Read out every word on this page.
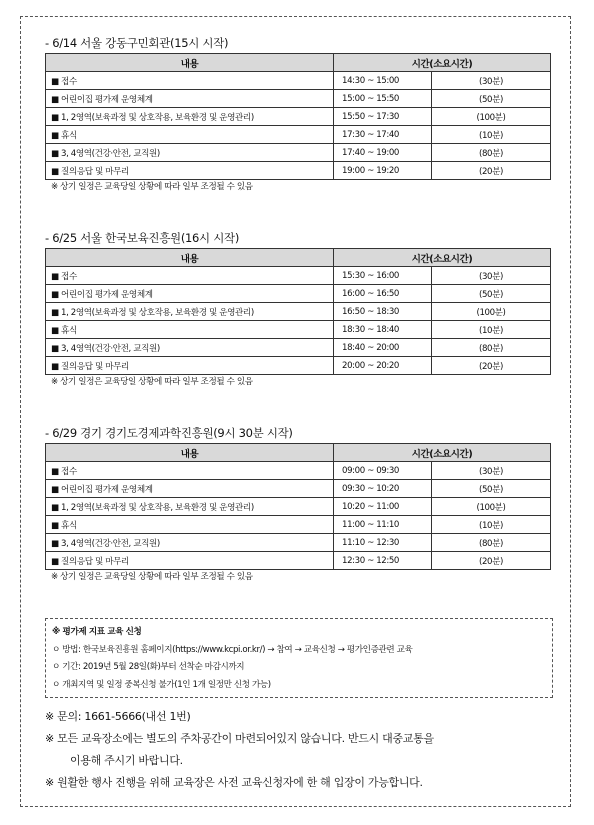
- 6/14 서울 강동구민회관(15시 시작)
내용	시간(소요시간)	
■ 접수	14:30 ~ 15:00	(30분)
■ 어린이집 평가제 운영체계	15:00 ~ 15:50	(50분)
■ 1, 2영역(보육과정 및 상호작용, 보육환경 및 운영관리)	15:50 ~ 17:30	(100분)
■ 휴식	17:30 ~ 17:40	(10분)
■ 3, 4영역(건강·안전, 교직원)	17:40 ~ 19:00	(80분)
■ 질의응답 및 마무리	19:00 ~ 19:20	(20분)
※ 상기 일정은 교육당일 상황에 따라 일부 조정될 수 있음
- 6/25 서울 한국보육진흥원(16시 시작)
내용	시간(소요시간)	
■ 접수	15:30 ~ 16:00	(30분)
■ 어린이집 평가제 운영체계	16:00 ~ 16:50	(50분)
■ 1, 2영역(보육과정 및 상호작용, 보육환경 및 운영관리)	16:50 ~ 18:30	(100분)
■ 휴식	18:30 ~ 18:40	(10분)
■ 3, 4영역(건강·안전, 교직원)	18:40 ~ 20:00	(80분)
■ 질의응답 및 마무리	20:00 ~ 20:20	(20분)
※ 상기 일정은 교육당일 상황에 따라 일부 조정될 수 있음
- 6/29 경기 경기도경제과학진흥원(9시 30분 시작)
내용	시간(소요시간)	
■ 접수	09:00 ~ 09:30	(30분)
■ 어린이집 평가제 운영체계	09:30 ~ 10:20	(50분)
■ 1, 2영역(보육과정 및 상호작용, 보육환경 및 운영관리)	10:20 ~ 11:00	(100분)
■ 휴식	11:00 ~ 11:10	(10분)
■ 3, 4영역(건강·안전, 교직원)	11:10 ~ 12:30	(80분)
■ 질의응답 및 마무리	12:30 ~ 12:50	(20분)
※ 상기 일정은 교육당일 상황에 따라 일부 조정될 수 있음
※ 평가제 지표 교육 신청
ㅇ 방법: 한국보육진흥원 홈페이지(https://www.kcpi.or.kr/) → 참여 → 교육신청 → 평가인증관련 교육
ㅇ 기간: 2019년 5월 28일(화)부터 선착순 마감시까지
ㅇ 개최지역 및 일정 중복신청 불가(1인 1개 일정만 신청 가능)
※ 문의: 1661-5666(내선 1번)
※ 모든 교육장소에는 별도의 주차공간이 마련되어있지 않습니다. 반드시 대중교통을
이용해 주시기 바랍니다.
※ 원활한 행사 진행을 위해 교육장은 사전 교육신청자에 한 해 입장이 가능합니다.
